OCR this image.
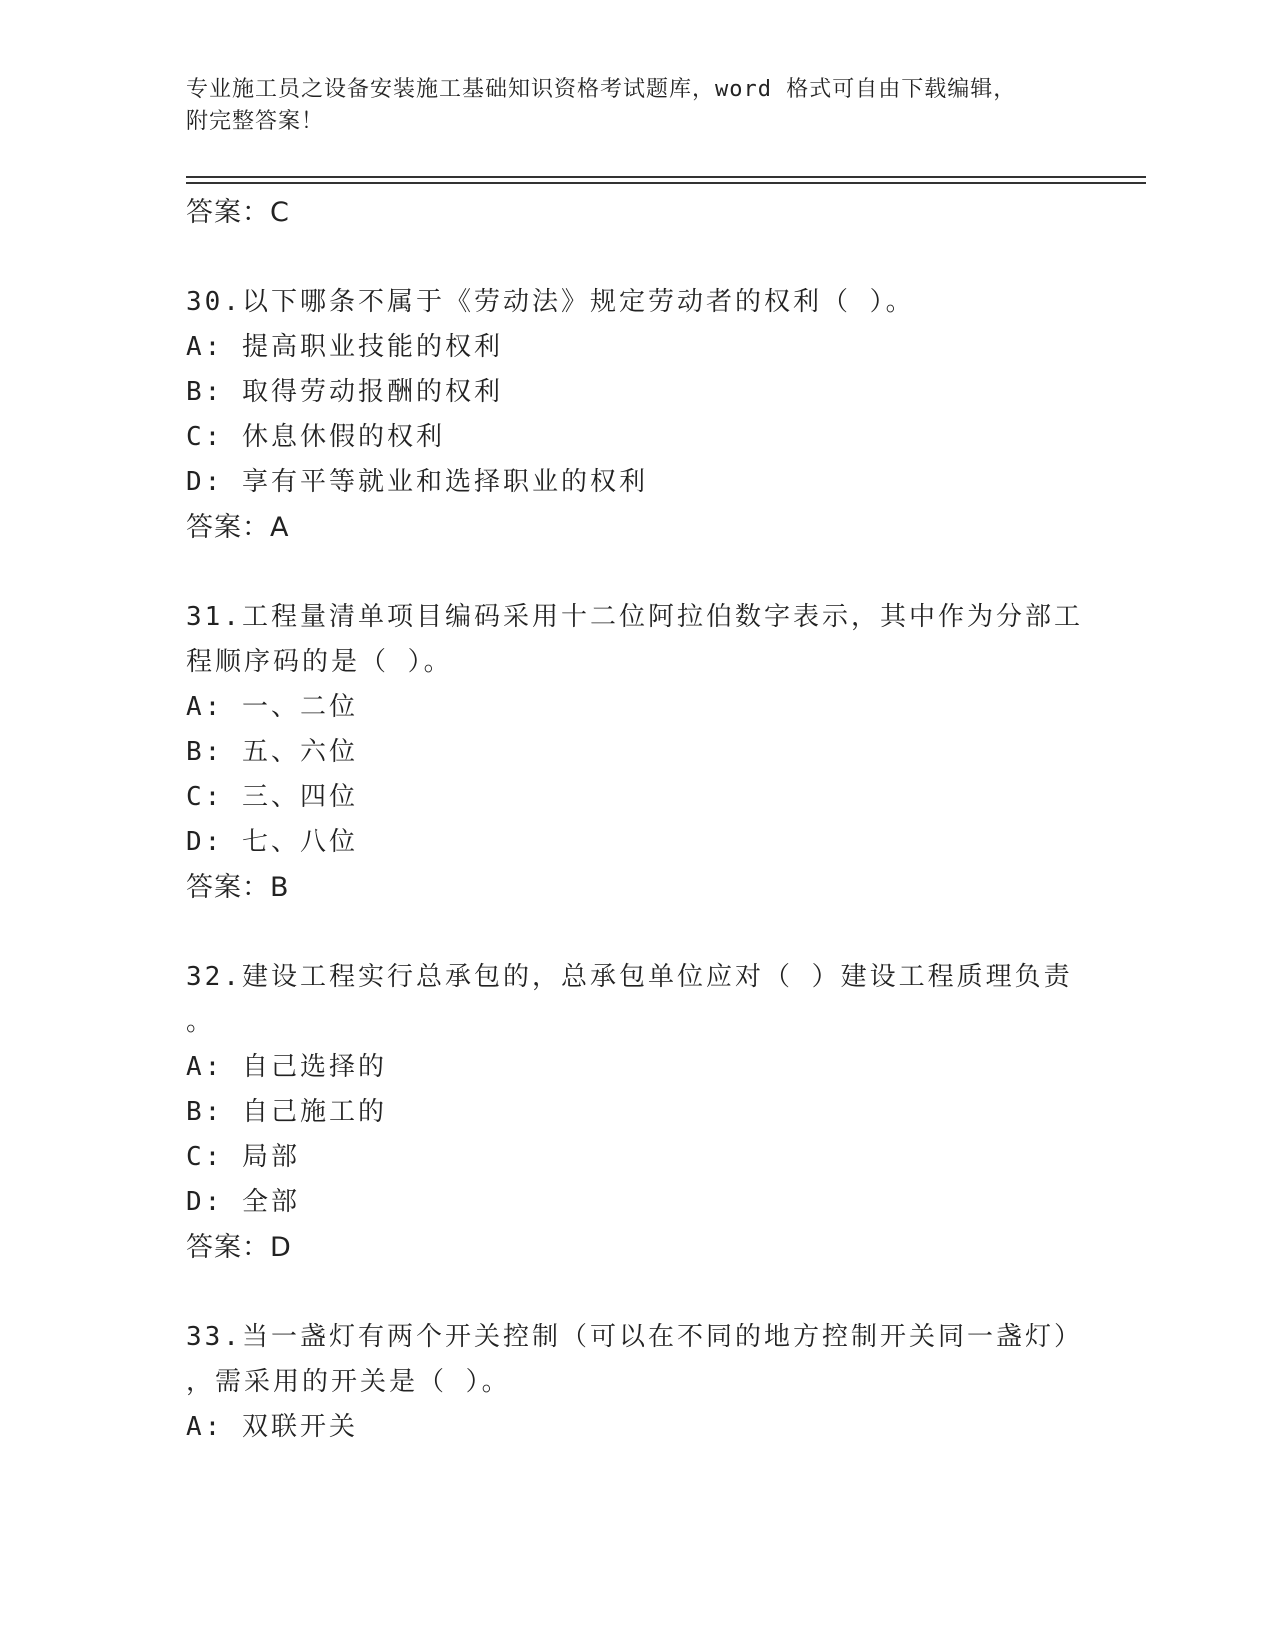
专业施工员之设备安装施工基础知识资格考试题库，word 格式可自由下载编辑，
附完整答案！
答案：C
30.以下哪条不属于《劳动法》规定劳动者的权利（ ）。
A: 提高职业技能的权利
B: 取得劳动报酬的权利
C: 休息休假的权利
D: 享有平等就业和选择职业的权利
答案：A
31.工程量清单项目编码采用十二位阿拉伯数字表示，其中作为分部工
程顺序码的是（ ）。
A: 一、二位
B: 五、六位
C: 三、四位
D: 七、八位
答案：B
32.建设工程实行总承包的，总承包单位应对（ ）建设工程质理负责
。
A: 自己选择的
B: 自己施工的
C: 局部
D: 全部
答案：D
33.当一盏灯有两个开关控制（可以在不同的地方控制开关同一盏灯）
，需采用的开关是（ ）。
A: 双联开关
